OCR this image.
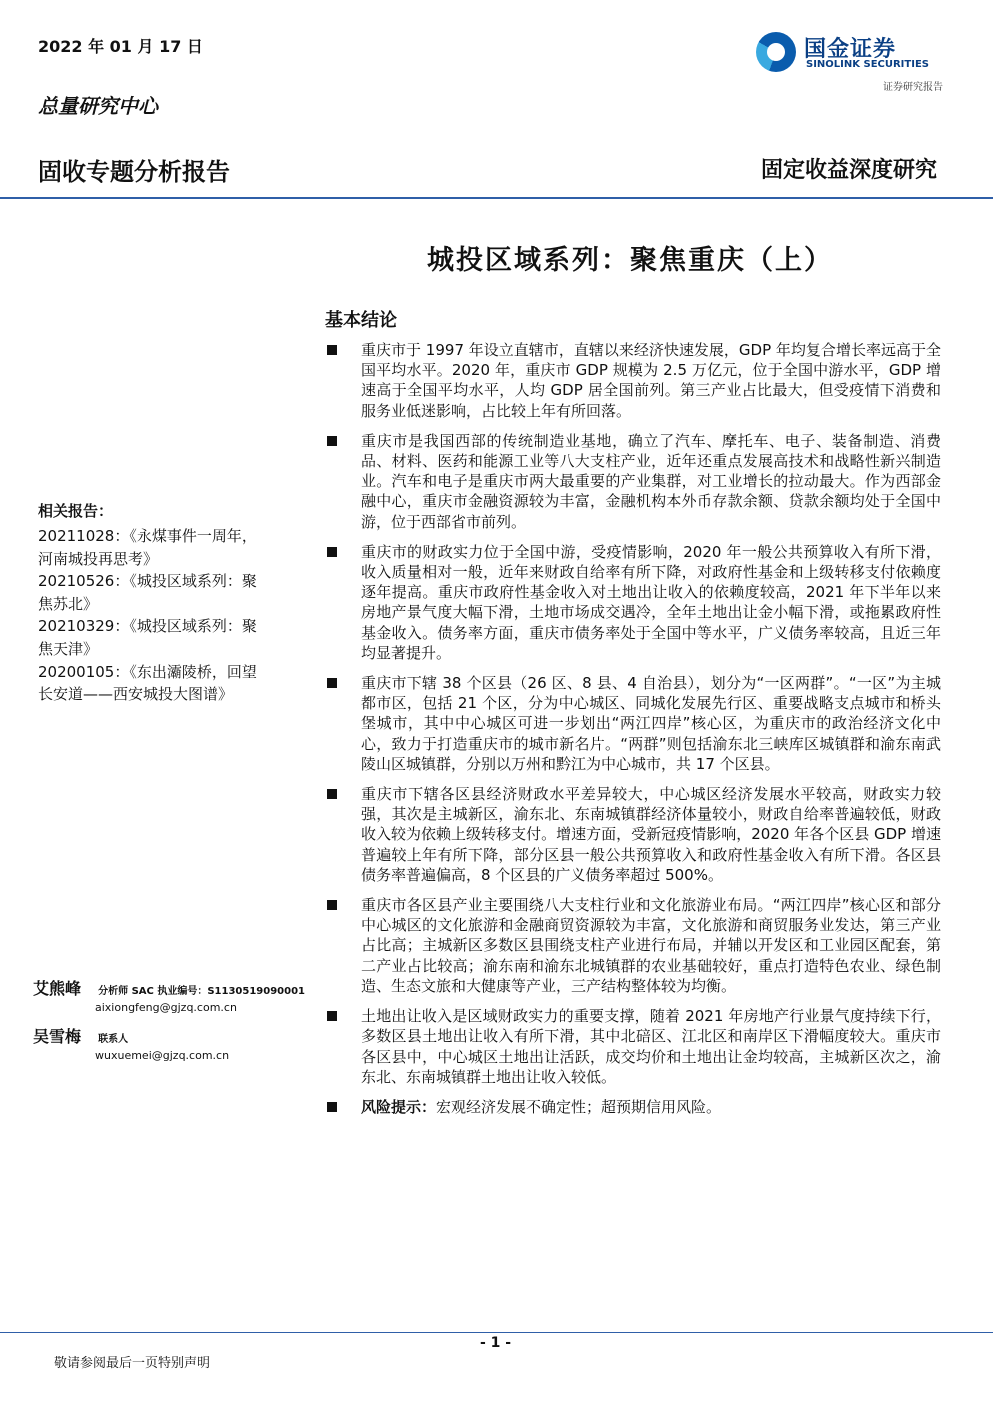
2022 年 01 月 17 日
总量研究中心
国金证券
SINOLINK SECURITIES
证券研究报告
固收专题分析报告	固定收益深度研究
城投区域系列：聚焦重庆（上）
基本结论
重庆市于 1997 年设立直辖市，直辖以来经济快速发展，GDP 年均复合增长率远高于全国平均水平。2020 年，重庆市 GDP 规模为 2.5 万亿元，位于全国中游水平，GDP 增速高于全国平均水平，人均 GDP 居全国前列。第三产业占比最大，但受疫情下消费和服务业低迷影响，占比较上年有所回落。
重庆市是我国西部的传统制造业基地，确立了汽车、摩托车、电子、装备制造、消费品、材料、医药和能源工业等八大支柱产业，近年还重点发展高技术和战略性新兴制造业。汽车和电子是重庆市两大最重要的产业集群，对工业增长的拉动最大。作为西部金融中心，重庆市金融资源较为丰富，金融机构本外币存款余额、贷款余额均处于全国中游，位于西部省市前列。
重庆市的财政实力位于全国中游，受疫情影响，2020 年一般公共预算收入有所下滑，收入质量相对一般，近年来财政自给率有所下降，对政府性基金和上级转移支付依赖度逐年提高。重庆市政府性基金收入对土地出让收入的依赖度较高，2021 年下半年以来房地产景气度大幅下滑，土地市场成交遇冷，全年土地出让金小幅下滑，或拖累政府性基金收入。债务率方面，重庆市债务率处于全国中等水平，广义债务率较高，且近三年均显著提升。
重庆市下辖 38 个区县（26 区、8 县、4 自治县），划分为“一区两群”。“一区”为主城都市区，包括 21 个区，分为中心城区、同城化发展先行区、重要战略支点城市和桥头堡城市，其中中心城区可进一步划出“两江四岸”核心区，为重庆市的政治经济文化中心，致力于打造重庆市的城市新名片。“两群”则包括渝东北三峡库区城镇群和渝东南武陵山区城镇群，分别以万州和黔江为中心城市，共 17 个区县。
重庆市下辖各区县经济财政水平差异较大，中心城区经济发展水平较高，财政实力较强，其次是主城新区，渝东北、东南城镇群经济体量较小，财政自给率普遍较低，财政收入较为依赖上级转移支付。增速方面，受新冠疫情影响，2020 年各个区县 GDP 增速普遍较上年有所下降，部分区县一般公共预算收入和政府性基金收入有所下滑。各区县债务率普遍偏高，8 个区县的广义债务率超过 500%。
重庆市各区县产业主要围绕八大支柱行业和文化旅游业布局。“两江四岸”核心区和部分中心城区的文化旅游和金融商贸资源较为丰富，文化旅游和商贸服务业发达，第三产业占比高；主城新区多数区县围绕支柱产业进行布局，并辅以开发区和工业园区配套，第二产业占比较高；渝东南和渝东北城镇群的农业基础较好，重点打造特色农业、绿色制造、生态文旅和大健康等产业，三产结构整体较为均衡。
土地出让收入是区域财政实力的重要支撑，随着 2021 年房地产行业景气度持续下行，多数区县土地出让收入有所下滑，其中北碚区、江北区和南岸区下滑幅度较大。重庆市各区县中，中心城区土地出让活跃，成交均价和土地出让金均较高，主城新区次之，渝东北、东南城镇群土地出让收入较低。
风险提示：宏观经济发展不确定性；超预期信用风险。
相关报告：
20211028：《永煤事件一周年，河南城投再思考》
20210526：《城投区域系列：聚焦苏北》
20210329：《城投区域系列：聚焦天津》
20200105：《东出灞陵桥，回望长安道——西安城投大图谱》
艾熊峰 分析师 SAC 执业编号：S1130519090001
aixiongfeng@gjzq.com.cn
吴雪梅 联系人
wuxuemei@gjzq.com.cn
- 1 -
敬请参阅最后一页特别声明
